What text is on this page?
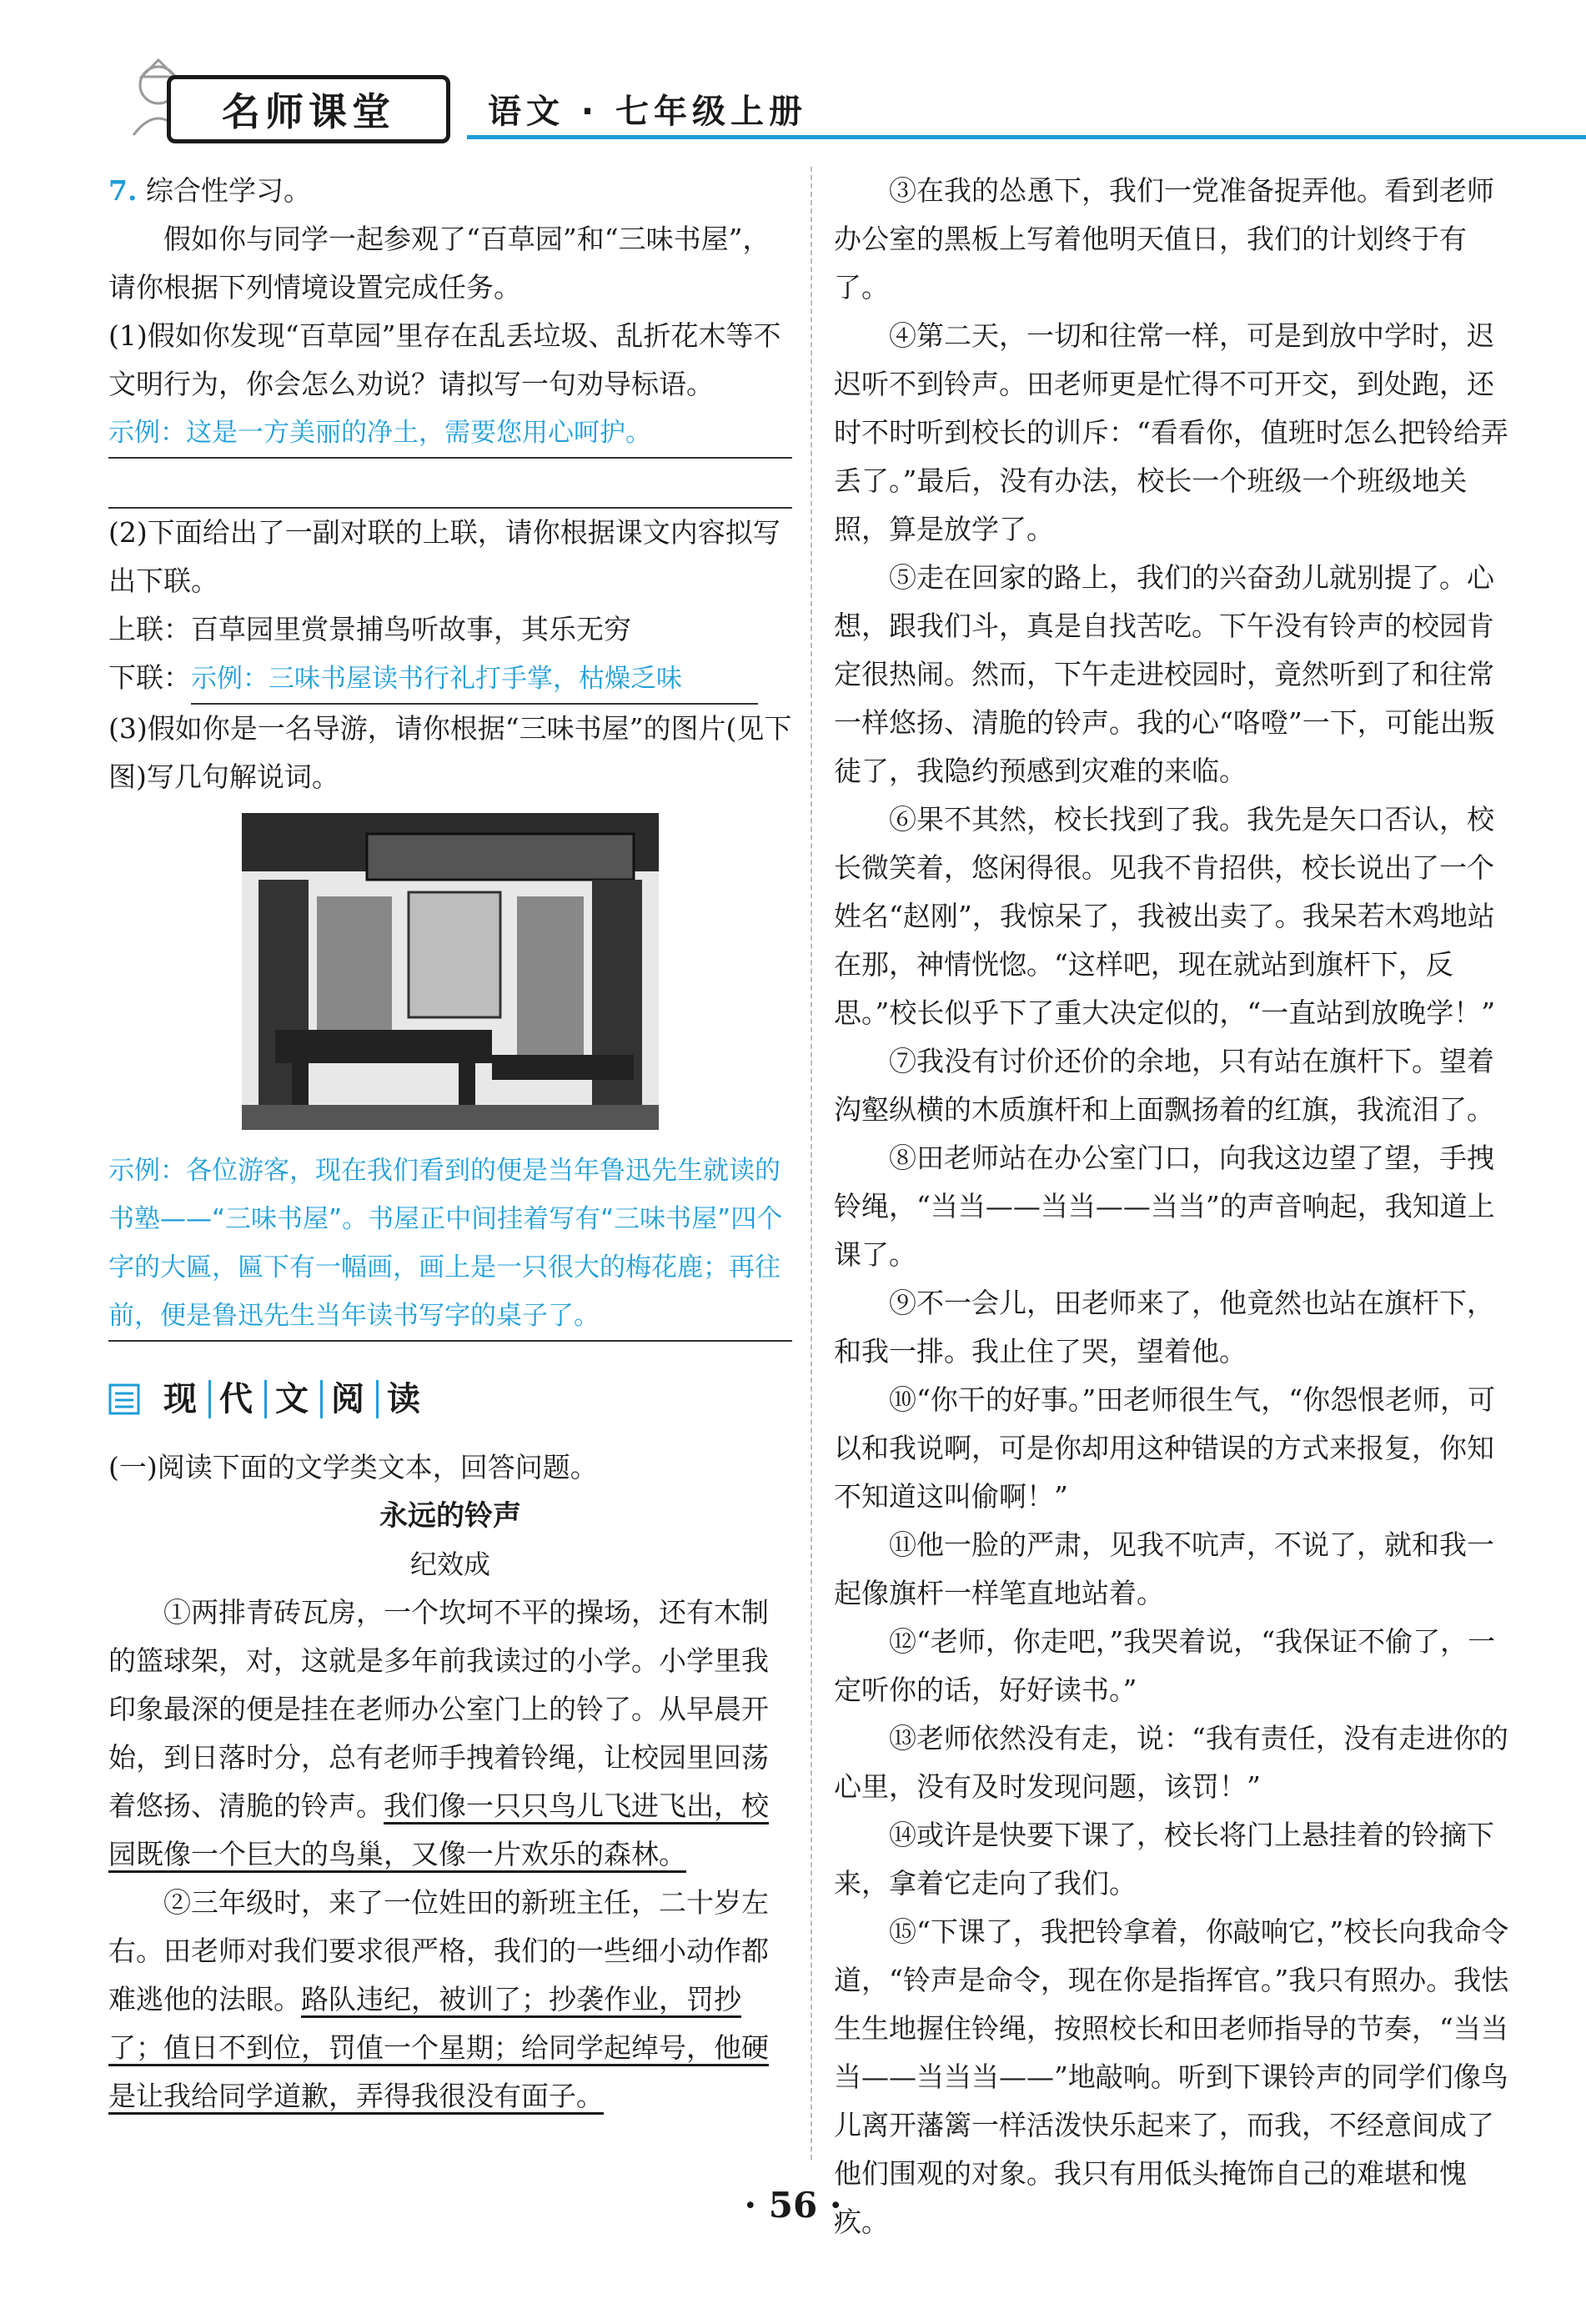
名师课堂	语文 · 七年级上册

7. 综合性学习。

假如你与同学一起参观了“百草园”和“三味书屋”，请你根据下列情境设置完成任务。

(1)假如你发现“百草园”里存在乱丢垃圾、乱折花木等不文明行为，你会怎么劝说？请拟写一句劝导标语。

示例：这是一方美丽的净土，需要您用心呵护。

(2)下面给出了一副对联的上联，请你根据课文内容拟写出下联。

上联：百草园里赏景捕鸟听故事，其乐无穷

下联：示例：三味书屋读书行礼打手掌，枯燥乏味

(3)假如你是一名导游，请你根据“三味书屋”的图片(见下图)写几句解说词。

示例：各位游客，现在我们看到的便是当年鲁迅先生就读的书塾——“三味书屋”。书屋正中间挂着写有“三味书屋”四个字的大匾，匾下有一幅画，画上是一只很大的梅花鹿；再往前，便是鲁迅先生当年读书写字的桌子了。
现 代 文 阅 读

(一)阅读下面的文学类文本，回答问题。

永远的铃声

纪效成

①两排青砖瓦房，一个坎坷不平的操场，还有木制的篮球架，对，这就是多年前我读过的小学。小学里我印象最深的便是挂在老师办公室门上的铃了。从早晨开始，到日落时分，总有老师手拽着铃绳，让校园里回荡着悠扬、清脆的铃声。我们像一只只鸟儿飞进飞出，校园既像一个巨大的鸟巢，又像一片欢乐的森林。

②三年级时，来了一位姓田的新班主任，二十岁左右。田老师对我们要求很严格，我们的一些细小动作都难逃他的法眼。路队违纪，被训了；抄袭作业，罚抄了；值日不到位，罚值一个星期；给同学起绰号，他硬是让我给同学道歉，弄得我很没有面子。

③在我的怂恿下，我们一党准备捉弄他。看到老师办公室的黑板上写着他明天值日，我们的计划终于有了。

④第二天，一切和往常一样，可是到放中学时，迟迟听不到铃声。田老师更是忙得不可开交，到处跑，还时不时听到校长的训斥：“看看你，值班时怎么把铃给弄丢了。”最后，没有办法，校长一个班级一个班级地关照，算是放学了。

⑤走在回家的路上，我们的兴奋劲儿就别提了。心想，跟我们斗，真是自找苦吃。下午没有铃声的校园肯定很热闹。然而，下午走进校园时，竟然听到了和往常一样悠扬、清脆的铃声。我的心“咯噔”一下，可能出叛徒了，我隐约预感到灾难的来临。

⑥果不其然，校长找到了我。我先是矢口否认，校长微笑着，悠闲得很。见我不肯招供，校长说出了一个姓名“赵刚”，我惊呆了，我被出卖了。我呆若木鸡地站在那，神情恍惚。“这样吧，现在就站到旗杆下，反思。”校长似乎下了重大决定似的，“一直站到放晚学！”

⑦我没有讨价还价的余地，只有站在旗杆下。望着沟壑纵横的木质旗杆和上面飘扬着的红旗，我流泪了。

⑧田老师站在办公室门口，向我这边望了望，手拽铃绳，“当当——当当——当当”的声音响起，我知道上课了。

⑨不一会儿，田老师来了，他竟然也站在旗杆下，和我一排。我止住了哭，望着他。

⑩“你干的好事。”田老师很生气，“你怨恨老师，可以和我说啊，可是你却用这种错误的方式来报复，你知不知道这叫偷啊！”

⑪他一脸的严肃，见我不吭声，不说了，就和我一起像旗杆一样笔直地站着。

⑫“老师，你走吧，”我哭着说，“我保证不偷了，一定听你的话，好好读书。”

⑬老师依然没有走，说：“我有责任，没有走进你的心里，没有及时发现问题，该罚！”

⑭或许是快要下课了，校长将门上悬挂着的铃摘下来，拿着它走向了我们。

⑮“下课了，我把铃拿着，你敲响它，”校长向我命令道，“铃声是命令，现在你是指挥官。”我只有照办。我怯生生地握住铃绳，按照校长和田老师指导的节奏，“当当当——当当当——”地敲响。听到下课铃声的同学们像鸟儿离开藩篱一样活泼快乐起来了，而我，不经意间成了他们围观的对象。我只有用低头掩饰自己的难堪和愧疚。

· 56 ·
